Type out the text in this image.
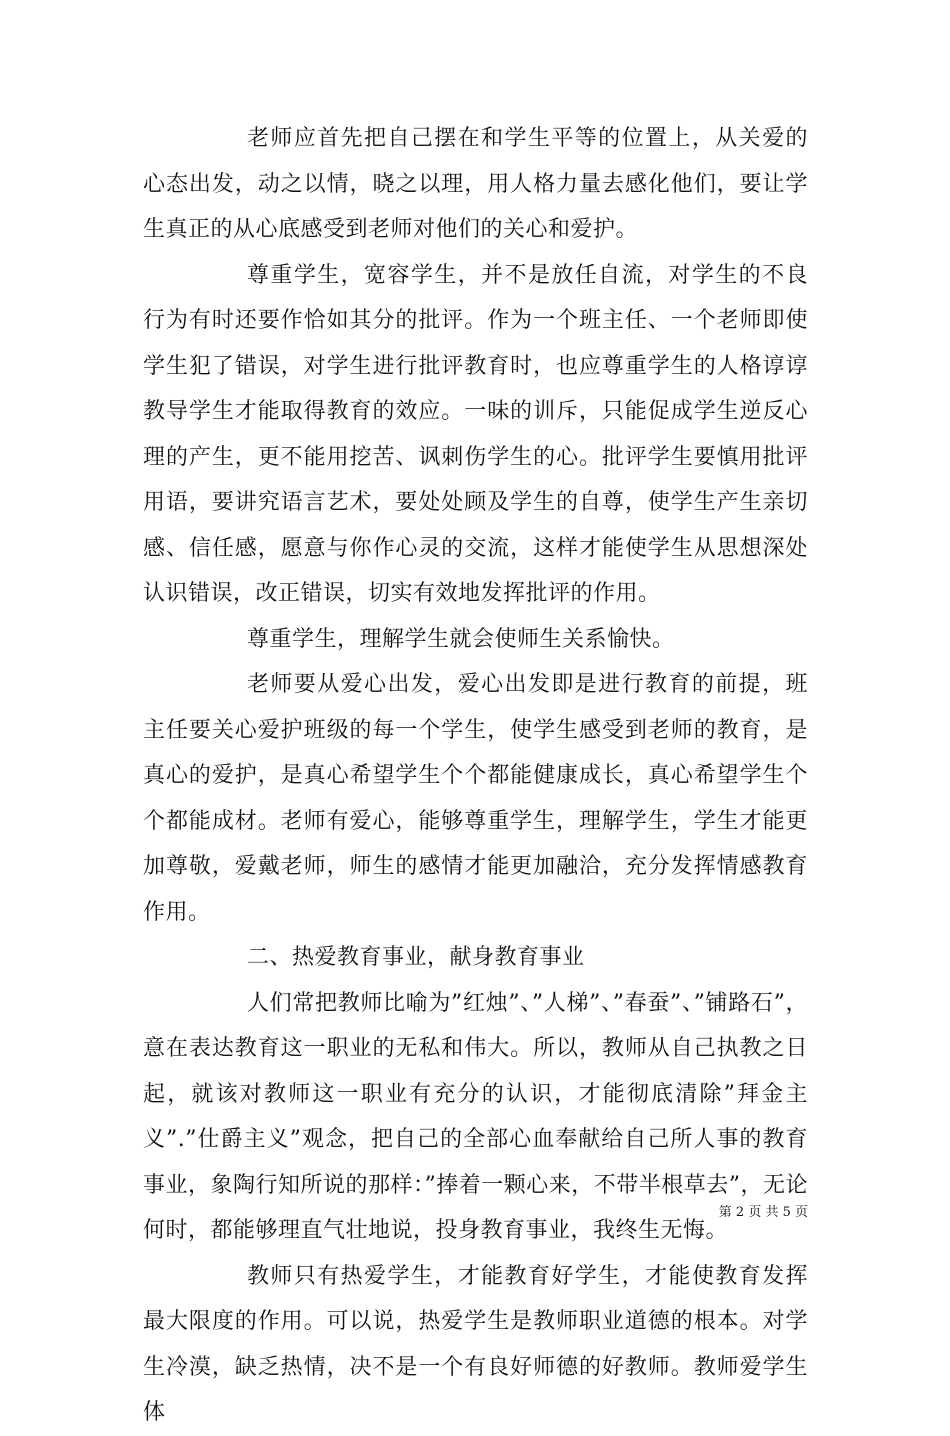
老师应首先把自己摆在和学生平等的位置上，从关爱的心态出发，动之以情，晓之以理，用人格力量去感化他们，要让学生真正的从心底感受到老师对他们的关心和爱护。

尊重学生，宽容学生，并不是放任自流，对学生的不良行为有时还要作恰如其分的批评。作为一个班主任、一个老师即使学生犯了错误，对学生进行批评教育时，也应尊重学生的人格谆谆教导学生才能取得教育的效应。一味的训斥，只能促成学生逆反心理的产生，更不能用挖苦、讽刺伤学生的心。批评学生要慎用批评用语，要讲究语言艺术，要处处顾及学生的自尊，使学生产生亲切感、信任感，愿意与你作心灵的交流，这样才能使学生从思想深处认识错误，改正错误，切实有效地发挥批评的作用。

尊重学生，理解学生就会使师生关系愉快。

老师要从爱心出发，爱心出发即是进行教育的前提，班主任要关心爱护班级的每一个学生，使学生感受到老师的教育，是真心的爱护，是真心希望学生个个都能健康成长，真心希望学生个个都能成材。老师有爱心，能够尊重学生，理解学生，学生才能更加尊敬，爱戴老师，师生的感情才能更加融洽，充分发挥情感教育作用。

二、热爱教育事业，献身教育事业

人们常把教师比喻为”红烛”、”人梯”、”春蚕”、”铺路石”，意在表达教育这一职业的无私和伟大。所以，教师从自己执教之日起，就该对教师这一职业有充分的认识，才能彻底清除”拜金主义”.”仕爵主义”观念，把自己的全部心血奉献给自己所人事的教育事业，象陶行知所说的那样：”捧着一颗心来，不带半根草去”，无论何时，都能够理直气壮地说，投身教育事业，我终生无悔。

教师只有热爱学生，才能教育好学生，才能使教育发挥最大限度的作用。可以说，热爱学生是教师职业道德的根本。对学生冷漠，缺乏热情，决不是一个有良好师德的好教师。教师爱学生体

第 2 页 共 5 页
